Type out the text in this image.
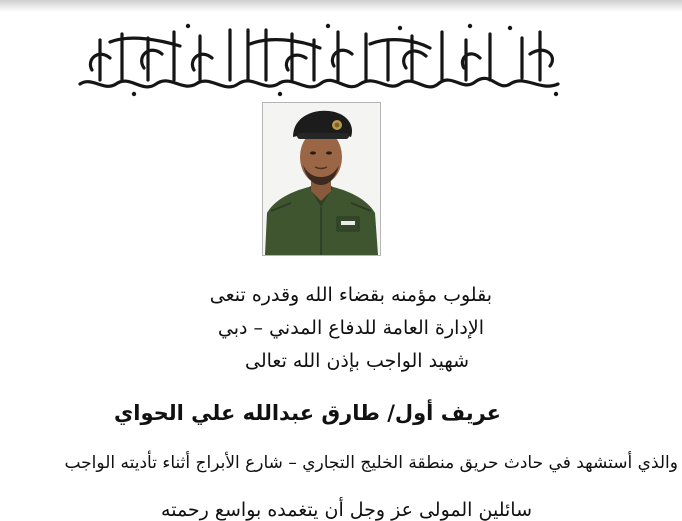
بقلوب مؤمنه بقضاء الله وقدره تنعى

الإدارة العامة للدفاع المدني – دبي

شهيد الواجب بإذن الله تعالى

عريف أول/ طارق عبدالله علي الحواي

والذي أستشهد في حادث حريق منطقة الخليج التجاري – شارع الأبراج أثناء تأديته الواجب

سائلين المولى عز وجل أن يتغمده بواسع رحمته
